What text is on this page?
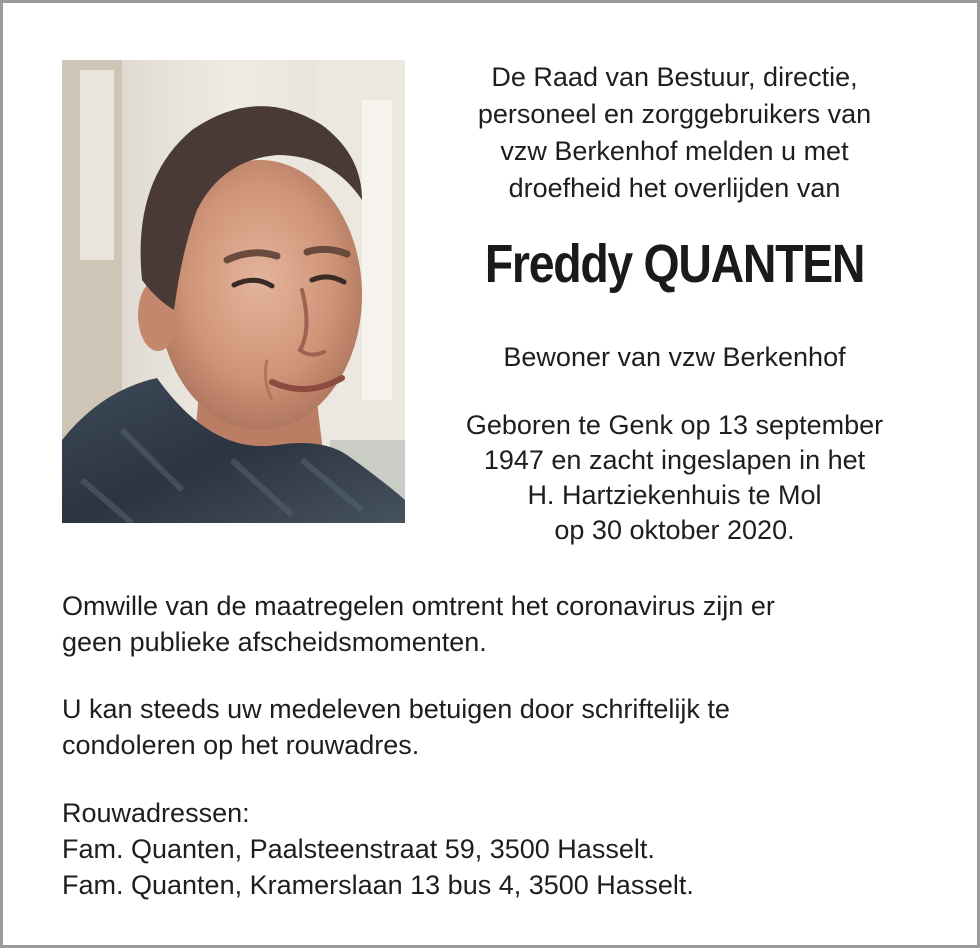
De Raad van Bestuur, directie,
personeel en zorggebruikers van
vzw Berkenhof melden u met
droefheid het overlijden van
Freddy QUANTEN
Bewoner van vzw Berkenhof
Geboren te Genk op 13 september
1947 en zacht ingeslapen in het
H. Hartziekenhuis te Mol
op 30 oktober 2020.
Omwille van de maatregelen omtrent het coronavirus zijn er
geen publieke afscheidsmomenten.
U kan steeds uw medeleven betuigen door schriftelijk te
condoleren op het rouwadres.
Rouwadressen:
Fam. Quanten, Paalsteenstraat 59, 3500 Hasselt.
Fam. Quanten, Kramerslaan 13 bus 4, 3500 Hasselt.
